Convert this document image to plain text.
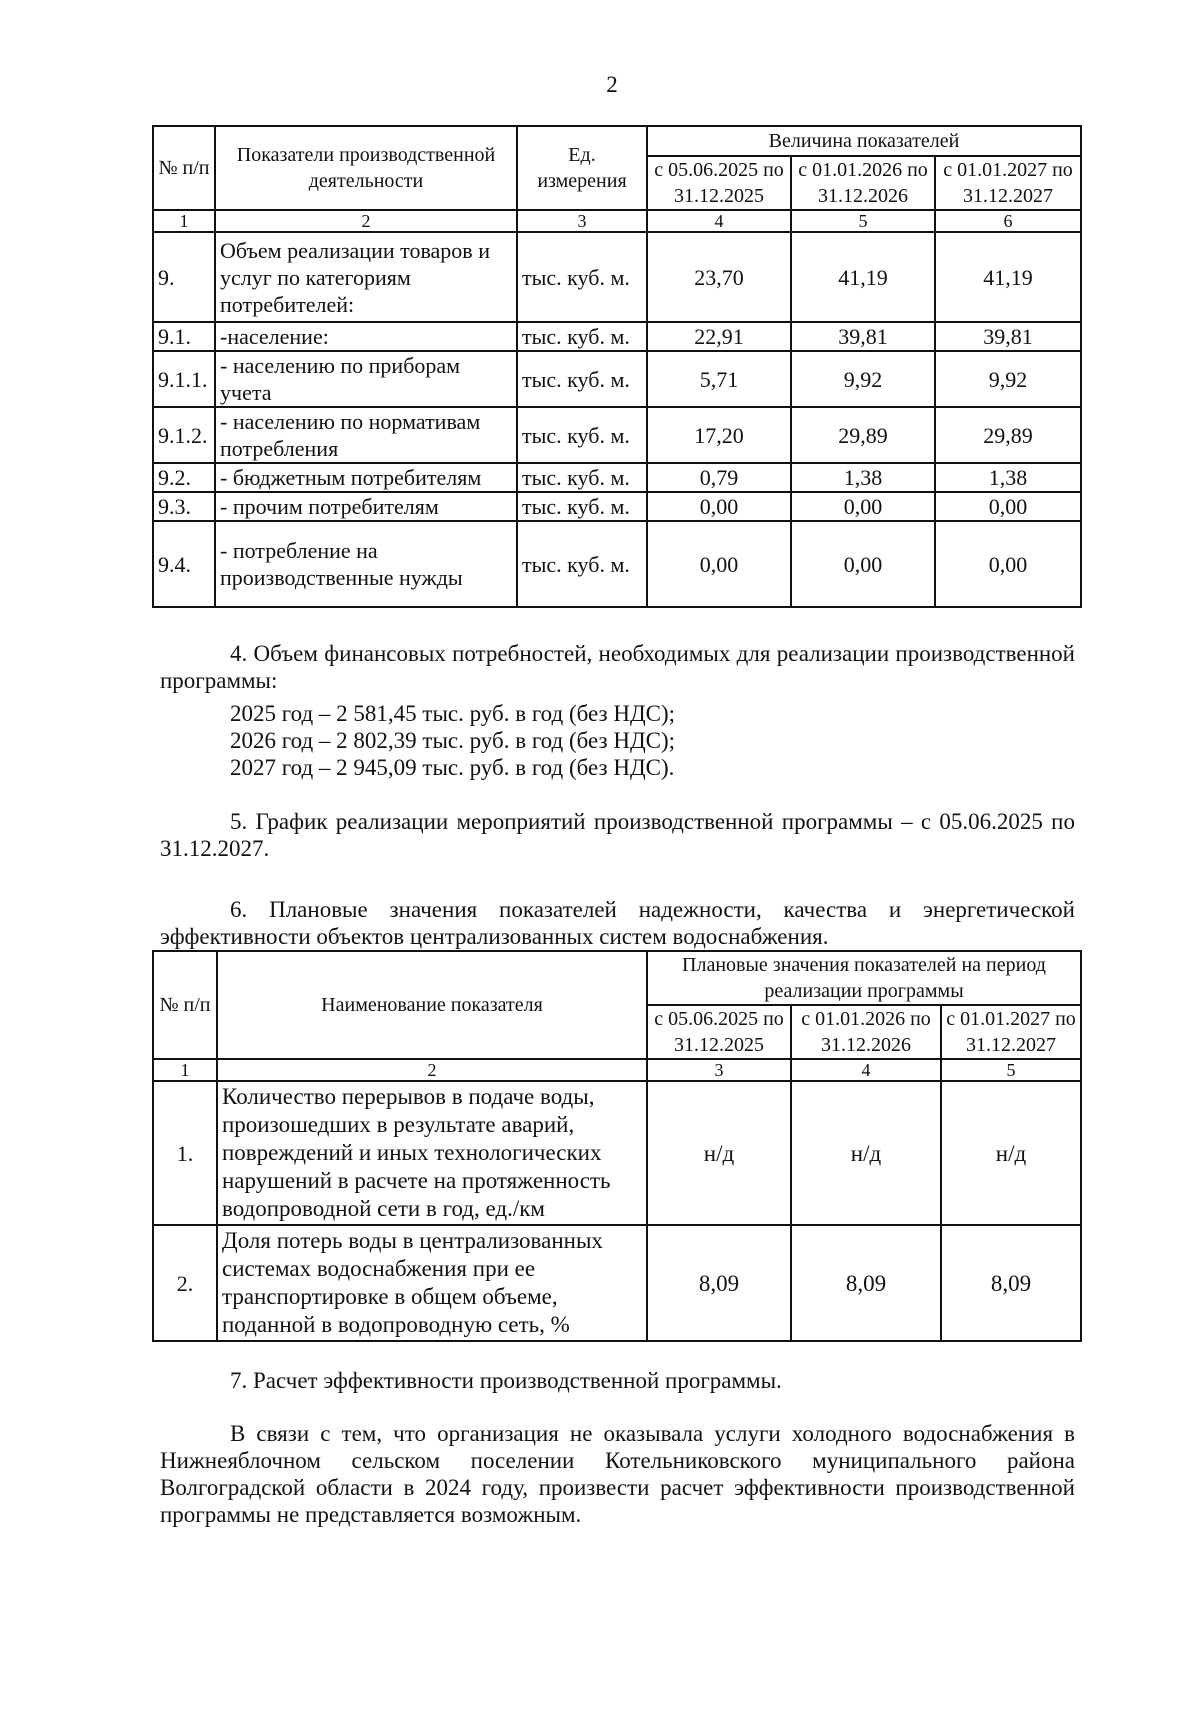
2
№ п/п	Показатели производственной деятельности	Ед. измерения	Величина показателей		
			с 05.06.2025 по 31.12.2025	с 01.01.2026 по 31.12.2026	с 01.01.2027 по 31.12.2027
1	2	3	4	5	6
9.	Объем реализации товаров и услуг по категориям потребителей:	тыс. куб. м.	23,70	41,19	41,19
9.1.	-население:	тыс. куб. м.	22,91	39,81	39,81
9.1.1.	- населению по приборам учета	тыс. куб. м.	5,71	9,92	9,92
9.1.2.	- населению по нормативам потребления	тыс. куб. м.	17,20	29,89	29,89
9.2.	- бюджетным потребителям	тыс. куб. м.	0,79	1,38	1,38
9.3.	- прочим потребителям	тыс. куб. м.	0,00	0,00	0,00
9.4.	- потребление на производственные нужды	тыс. куб. м.	0,00	0,00	0,00
4. Объем финансовых потребностей, необходимых для реализации производственной программы:
2025 год – 2 581,45 тыс. руб. в год (без НДС);
2026 год – 2 802,39 тыс. руб. в год (без НДС);
2027 год – 2 945,09 тыс. руб. в год (без НДС).
5. График реализации мероприятий производственной программы – с 05.06.2025 по 31.12.2027.
6. Плановые значения показателей надежности, качества и энергетической эффективности объектов централизованных систем водоснабжения.
№ п/п	Наименование показателя	Плановые значения показателей на период реализации программы		
		с 05.06.2025 по 31.12.2025	с 01.01.2026 по 31.12.2026	с 01.01.2027 по 31.12.2027
1	2	3	4	5
1.	Количество перерывов в подаче воды, произошедших в результате аварий, повреждений и иных технологических нарушений в расчете на протяженность водопроводной сети в год, ед./км	н/д	н/д	н/д
2.	Доля потерь воды в централизованных системах водоснабжения при ее транспортировке в общем объеме, поданной в водопроводную сеть, %	8,09	8,09	8,09
7. Расчет эффективности производственной программы.
В связи с тем, что организация не оказывала услуги холодного водоснабжения в Нижнеяблочном сельском поселении Котельниковского муниципального района Волгоградской области в 2024 году, произвести расчет эффективности производственной программы не представляется возможным.
